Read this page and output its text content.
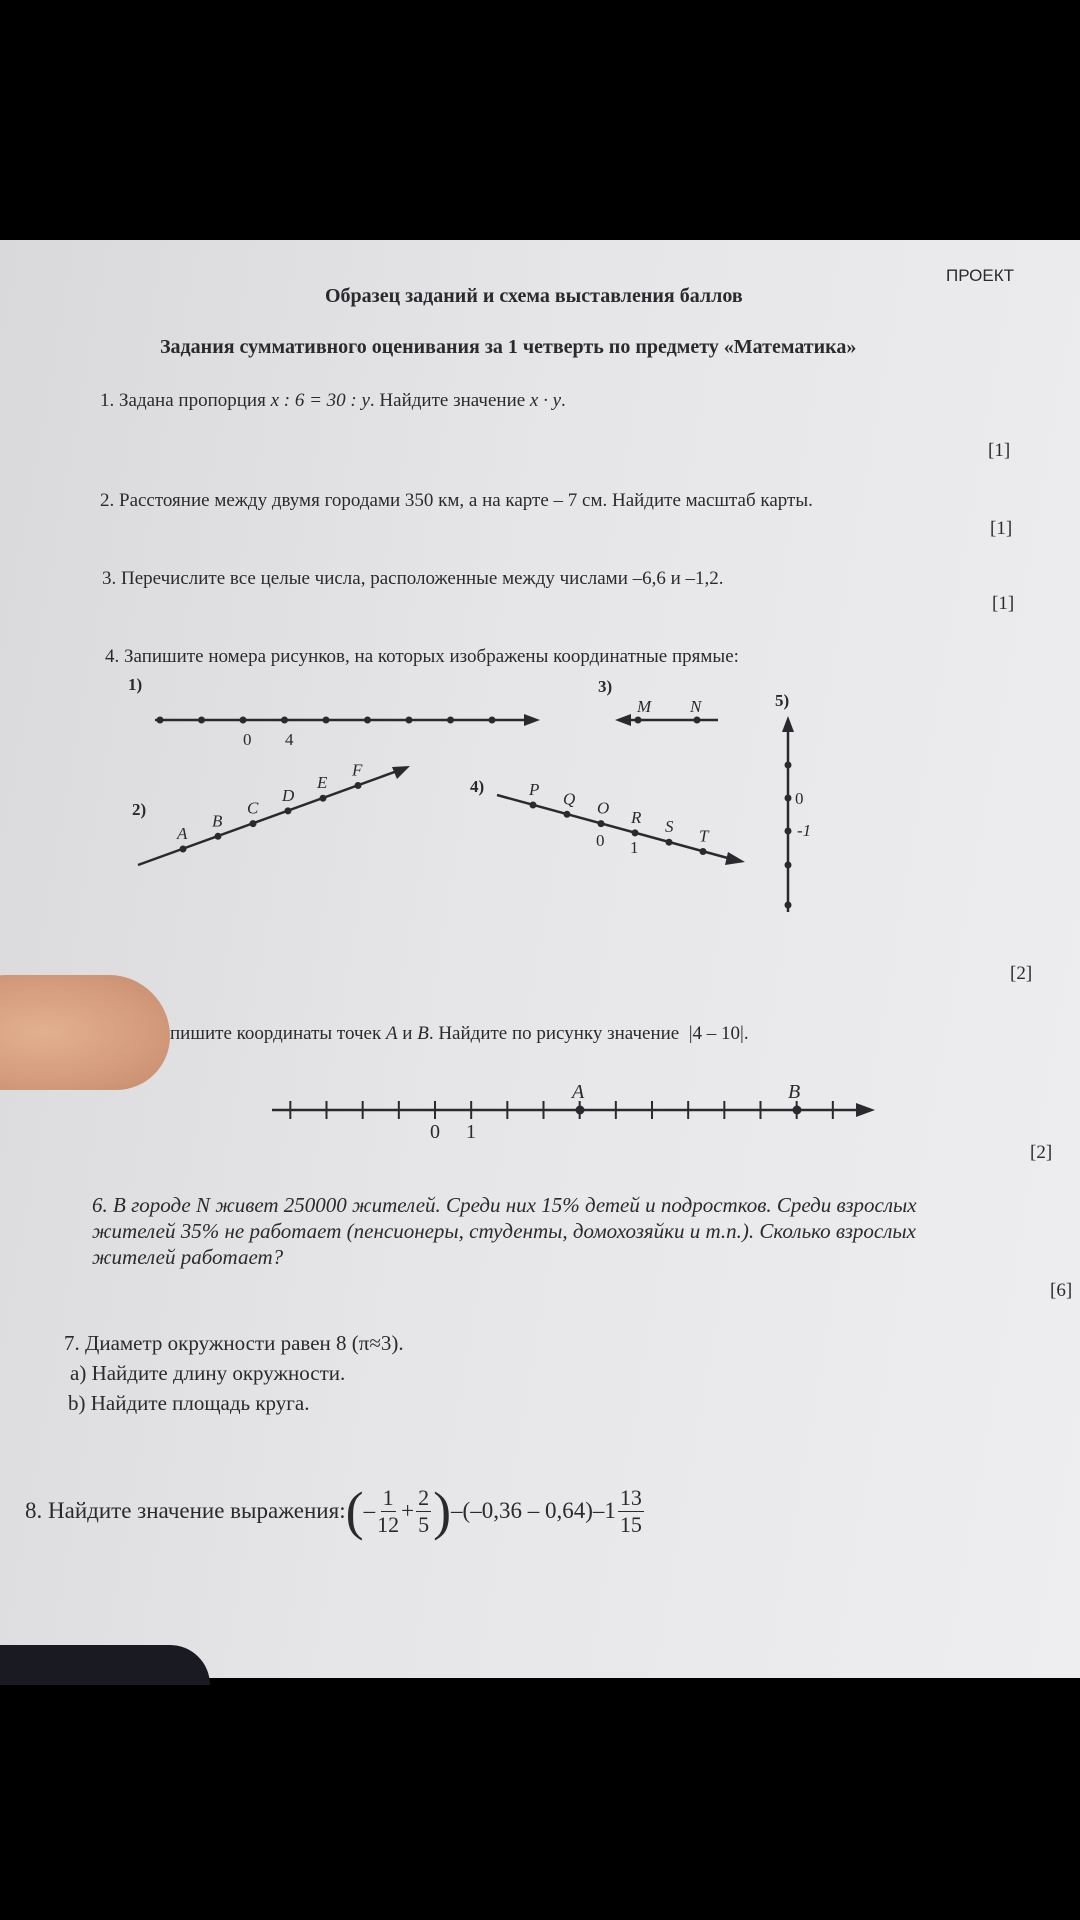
ПРОЕКТ
Образец заданий и схема выставления баллов
Задания суммативного оценивания за 1 четверть по предмету «Математика»
1. Задана пропорция x : 6 = 30 : y. Найдите значение x · y.
[1]
2. Расстояние между двумя городами 350 км, а на карте – 7 см. Найдите масштаб карты.
[1]
3. Перечислите все целые числа, расположенные между числами –6,6 и –1,2.
[1]
4. Запишите номера рисунков, на которых изображены координатные прямые:
1)
0 4
2)
A
B
C
D
E
F
3)
M N
4)	P Q O R S T
0 1
5)
0
-1
A	B
0 1
[2]
пишите координаты точек A и B. Найдите по рисунку значение |4 – 10|.
[2]
6. В городе N живет 250000 жителей. Среди них 15% детей и подростков. Среди взрослых
жителей 35% не работает (пенсионеры, студенты, домохозяйки и т.п.). Сколько взрослых
жителей работает?
[6]
7. Диаметр окружности равен 8 (π≈3).
a) Найдите длину окружности.
b) Найдите площадь круга.
8. Найдите значение выражения: ( – $\frac{1}{12} + \frac{2}{5}$ ) $-(-0,36 - 0,64)-1 \frac{13}{15}$
